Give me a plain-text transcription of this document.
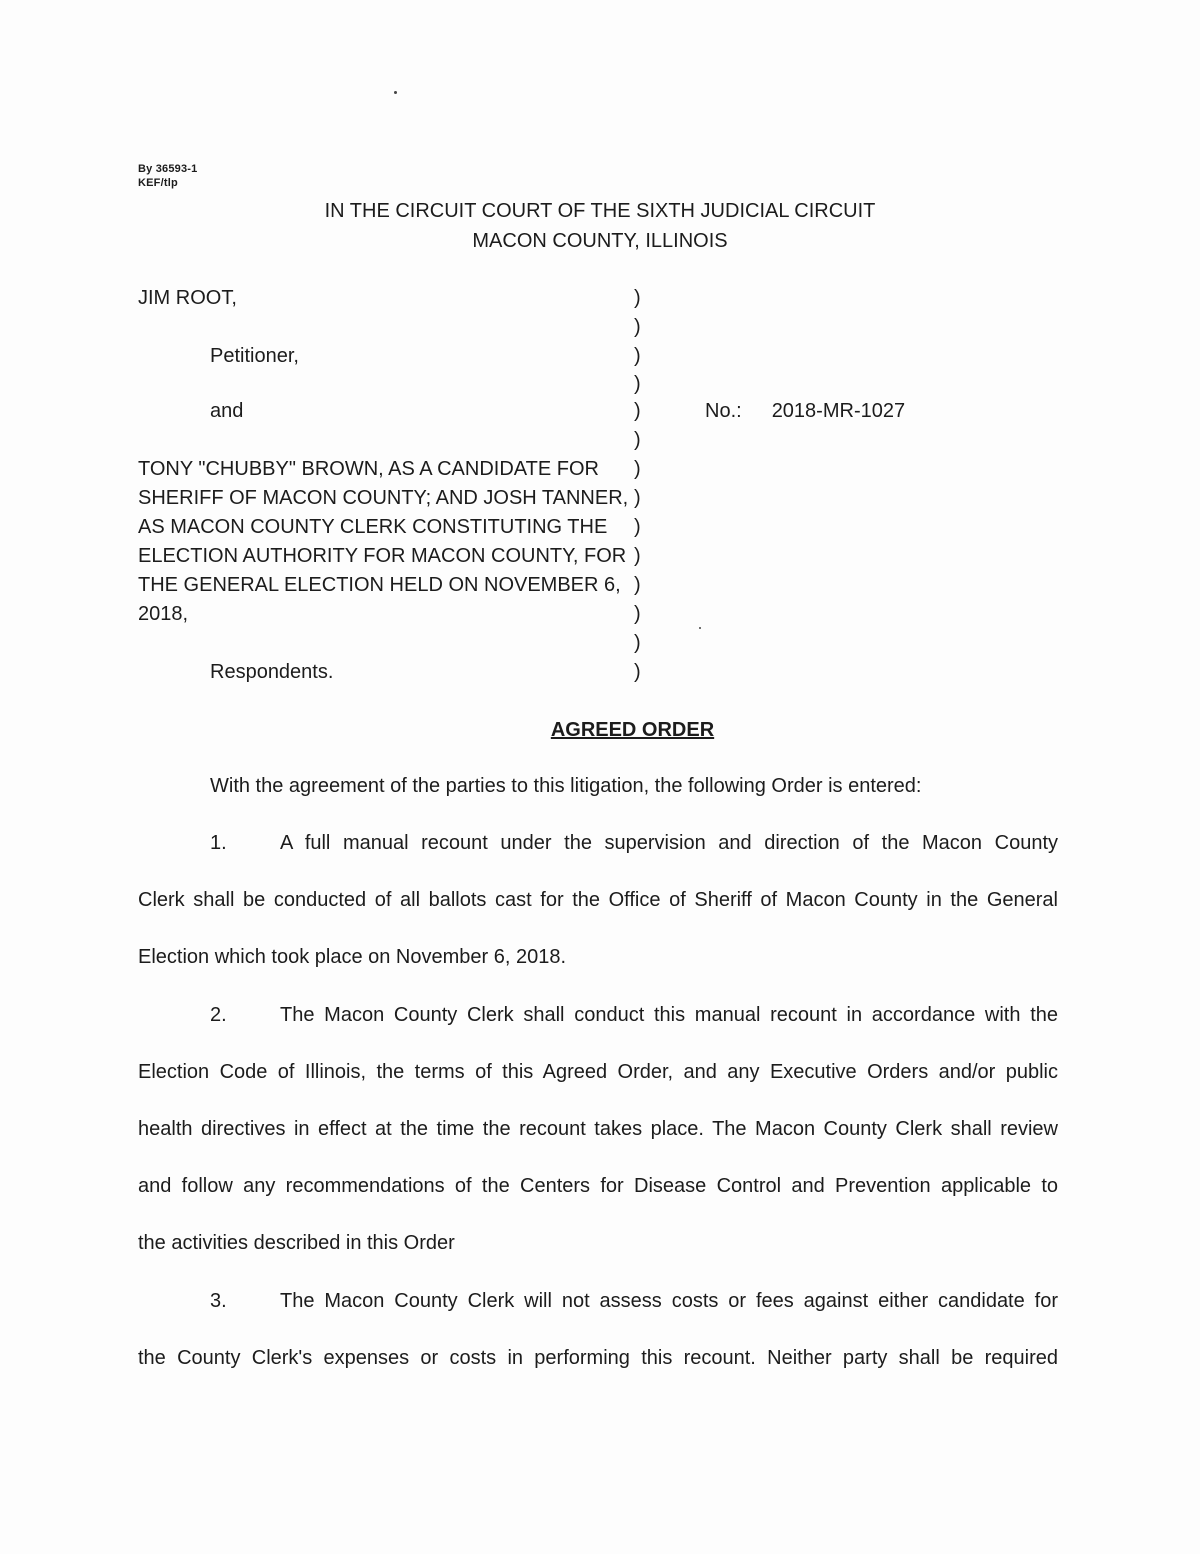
By 36593-1
KEF/tlp
IN THE CIRCUIT COURT OF THE SIXTH JUDICIAL CIRCUIT
MACON COUNTY, ILLINOIS
JIM ROOT,
Petitioner,
and
TONY "CHUBBY" BROWN, AS A CANDIDATE FOR
SHERIFF OF MACON COUNTY; AND JOSH TANNER,
AS MACON COUNTY CLERK CONSTITUTING THE
ELECTION AUTHORITY FOR MACON COUNTY, FOR
THE GENERAL ELECTION HELD ON NOVEMBER 6,
2018,
Respondents.
)
)
)
)
)
)
)
)
)
)
)
)
)
)
No.: 2018-MR-1027
AGREED ORDER
With the agreement of the parties to this litigation, the following Order is entered:
1.	A full manual recount under the supervision and direction of the Macon County
Clerk shall be conducted of all ballots cast for the Office of Sheriff of Macon County in the General
Election which took place on November 6, 2018.
2.	The Macon County Clerk shall conduct this manual recount in accordance with the
Election Code of Illinois, the terms of this Agreed Order, and any Executive Orders and/or public
health directives in effect at the time the recount takes place. The Macon County Clerk shall review
and follow any recommendations of the Centers for Disease Control and Prevention applicable to
the activities described in this Order
3.	The Macon County Clerk will not assess costs or fees against either candidate for
the County Clerk's expenses or costs in performing this recount. Neither party shall be required
